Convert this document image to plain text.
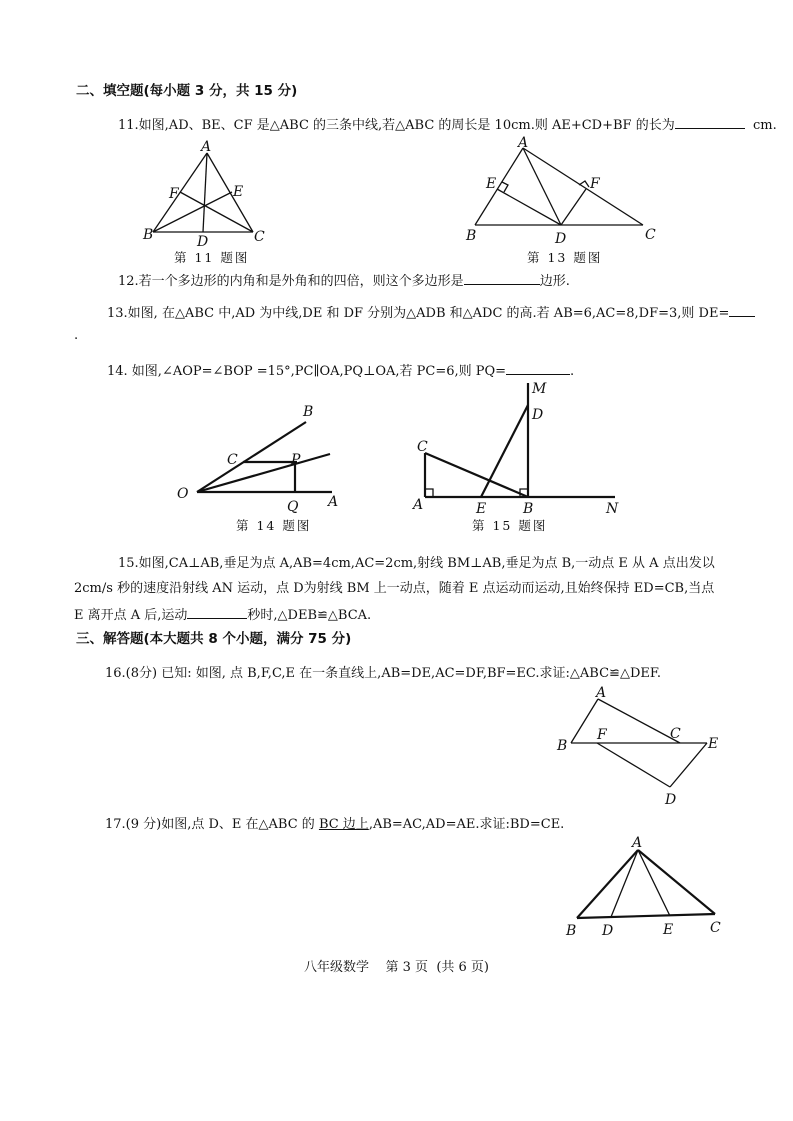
二、填空题(每小题 3 分，共 15 分)
11.如图,AD、BE、CF 是△ABC 的三条中线,若△ABC 的周长是 10cm.则 AE+CD+BF 的长为	cm.
A
B	C
D
E
F
第 11 题图
A
B	C
D
E	F
第 13 题图
12.若一个多边形的内角和是外角和的四倍，则这个多边形是	边形.
13.如图, 在△ABC 中,AD 为中线,DE 和 DF 分别为△ADB 和△ADC 的高.若 AB=6,AC=8,DF=3,则 DE=
.
14. 如图,∠AOP=∠BOP =15°,PC∥OA,PQ⊥OA,若 PC=6,则 PQ=	.
O	A
B
C	P
Q
第 14 题图
M
D
C
A	E	B	N
第 15 题图
15.如图,CA⊥AB,垂足为点 A,AB=4cm,AC=2cm,射线 BM⊥AB,垂足为点 B,一动点 E 从 A 点出发以
2cm/s 秒的速度沿射线 AN 运动，点 D为射线 BM 上一动点，随着 E 点运动而运动,且始终保持 ED=CB,当点
E 离开点 A 后,运动	秒时,△DEB≌△BCA.
三、解答题(本大题共 8 个小题，满分 75 分)
16.(8分) 已知: 如图, 点 B,F,C,E 在一条直线上,AB=DE,AC=DF,BF=EC.求证:△ABC≌△DEF.
A
B
C
D
E
F
17.(9 分)如图,点 D、E 在△ABC 的 BC 边上,AB=AC,AD=AE.求证:BD=CE.
A
B	C
D	E
八年级数学 第 3 页 (共 6 页)
